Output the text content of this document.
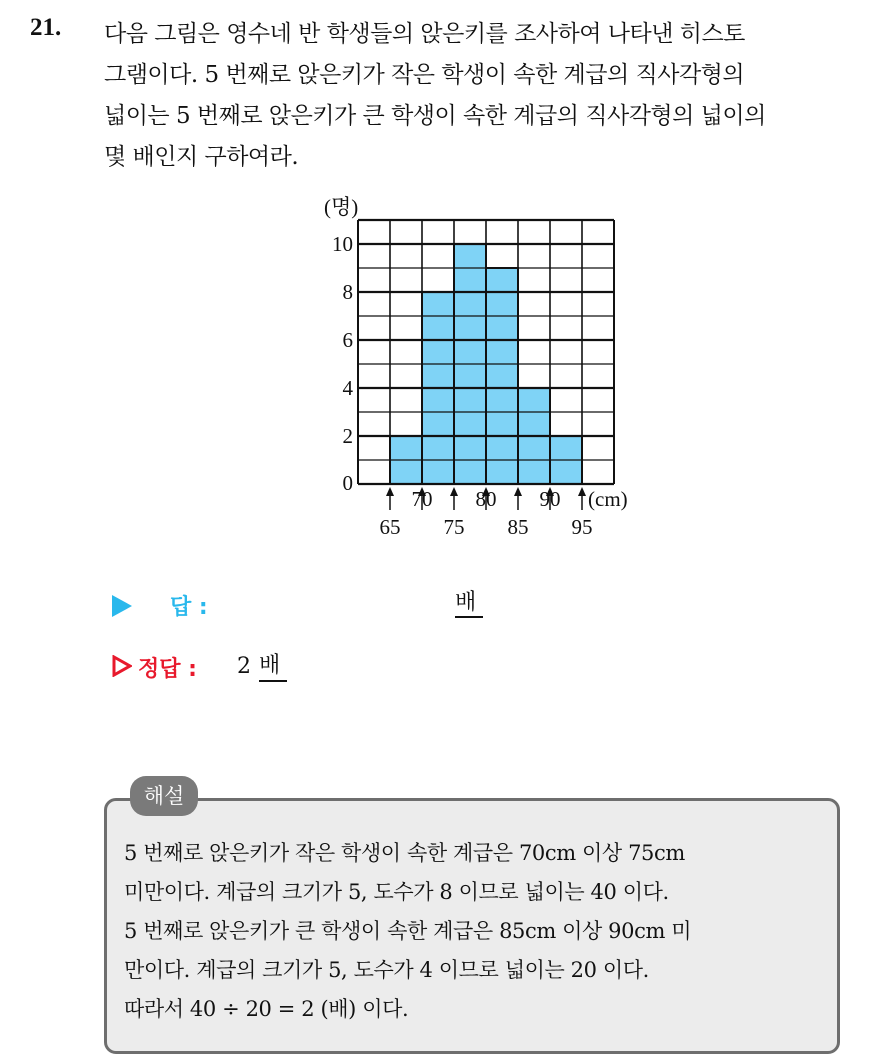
21. 다음 그림은 영수네 반 학생들의 앉은키를 조사하여 나타낸 히스토
그램이다. 5 번째로 앉은키가 작은 학생이 속한 계급의 직사각형의
넓이는 5 번째로 앉은키가 큰 학생이 속한 계급의 직사각형의 넓이의
몇 배인지 구하여라.
(명)
0
2
4
6
8
10
70 80 90
65 75 85 95
(cm)
답 :	배
정답 : 2 배
해설
5 번째로 앉은키가 작은 학생이 속한 계급은 70cm 이상 75cm
미만이다. 계급의 크기가 5, 도수가 8 이므로 넓이는 40 이다.
5 번째로 앉은키가 큰 학생이 속한 계급은 85cm 이상 90cm 미
만이다. 계급의 크기가 5, 도수가 4 이므로 넓이는 20 이다.
따라서 40 ÷ 20 = 2 (배) 이다.
